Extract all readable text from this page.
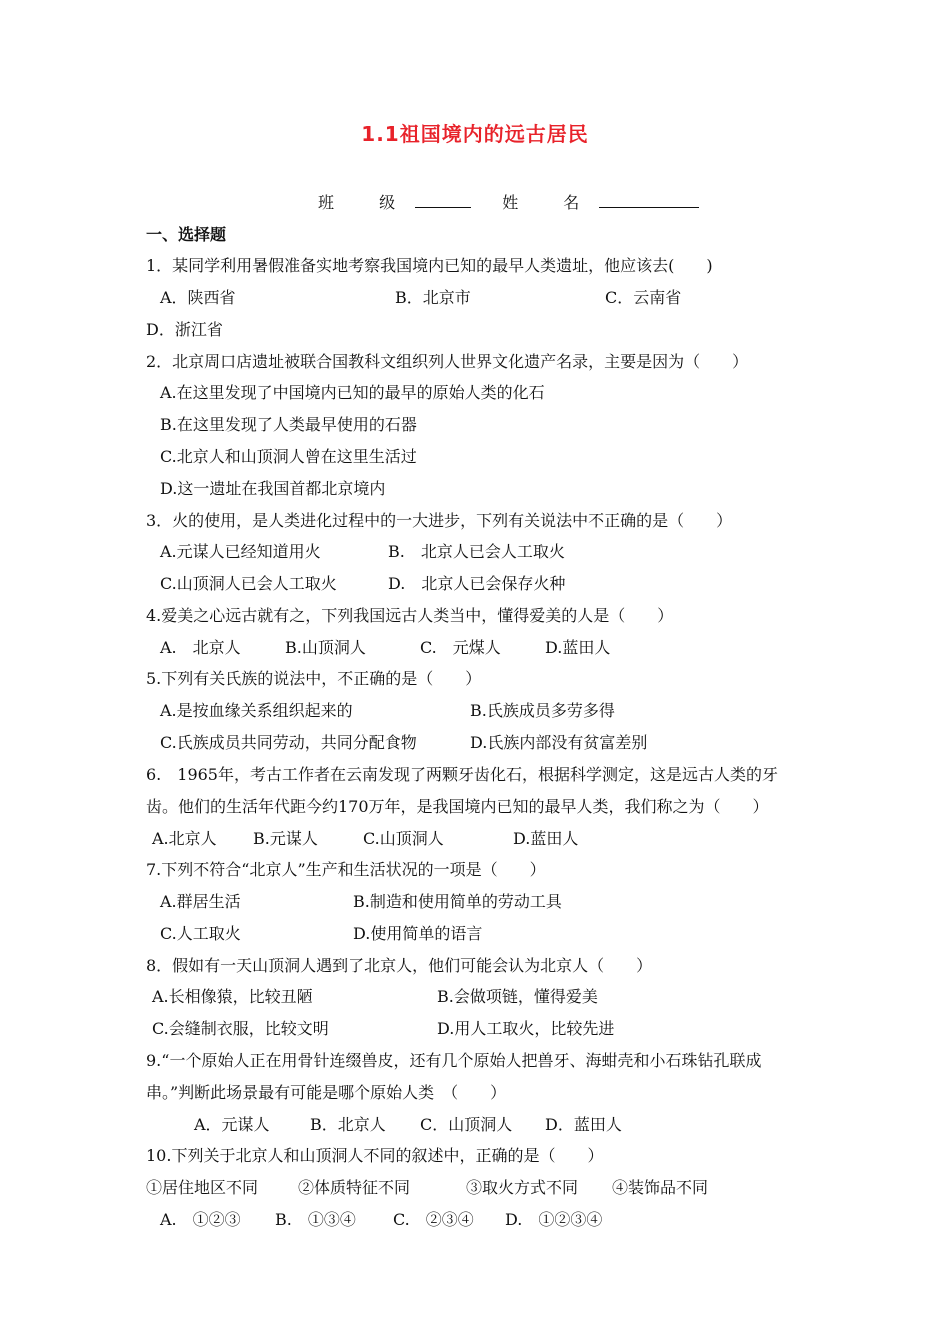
1.1祖国境内的远古居民
班 级	姓 名
一、选择题
1．某同学利用暑假准备实地考察我国境内已知的最早人类遗址，他应该去(　　)
A．陕西省	B．北京市	C．云南省
D．浙江省
2．北京周口店遗址被联合国教科文组织列人世界文化遗产名录，主要是因为（　　）
A.在这里发现了中国境内已知的最早的原始人类的化石
B.在这里发现了人类最早使用的石器
C.北京人和山顶洞人曾在这里生活过
D.这一遗址在我国首都北京境内
3．火的使用，是人类进化过程中的一大进步，下列有关说法中不正确的是（　　）
A.元谋人已经知道用火	B.　北京人已会人工取火
C.山顶洞人已会人工取火	D.　北京人已会保存火种
4.爱美之心远古就有之，下列我国远古人类当中，懂得爱美的人是（　　）
A.　北京人	B.山顶洞人	C.　元煤人	D.蓝田人
5.下列有关氏族的说法中，不正确的是（　　）
A.是按血缘关系组织起来的	B.氏族成员多劳多得
C.氏族成员共同劳动，共同分配食物	D.氏族内部没有贫富差别
6.　1965年，考古工作者在云南发现了两颗牙齿化石，根据科学测定，这是远古人类的牙
齿。他们的生活年代距今约170万年，是我国境内已知的最早人类，我们称之为（　　）
A.北京人 B.元谋人	C.山顶洞人	D.蓝田人
7.下列不符合“北京人”生产和生活状况的一项是（　　）
A.群居生活	B.制造和使用简单的劳动工具
C.人工取火	D.使用简单的语言
8．假如有一天山顶洞人遇到了北京人，他们可能会认为北京人（　　）
A.长相像猿，比较丑陋	B.会做项链，懂得爱美
C.会缝制衣服，比较文明	D.用人工取火，比较先进
9.“一个原始人正在用骨针连缀兽皮，还有几个原始人把兽牙、海蚶壳和小石珠钻孔联成
串。”判断此场景最有可能是哪个原始人类　（　　）
A．元谋人	B．北京人 C．山顶洞人 D．蓝田人
10.下列关于北京人和山顶洞人不同的叙述中，正确的是（　　）
①居住地区不同 ②体质特征不同	③取火方式不同 ④装饰品不同
A.　①②③ B.　①③④ C.　②③④ D.　①②③④
